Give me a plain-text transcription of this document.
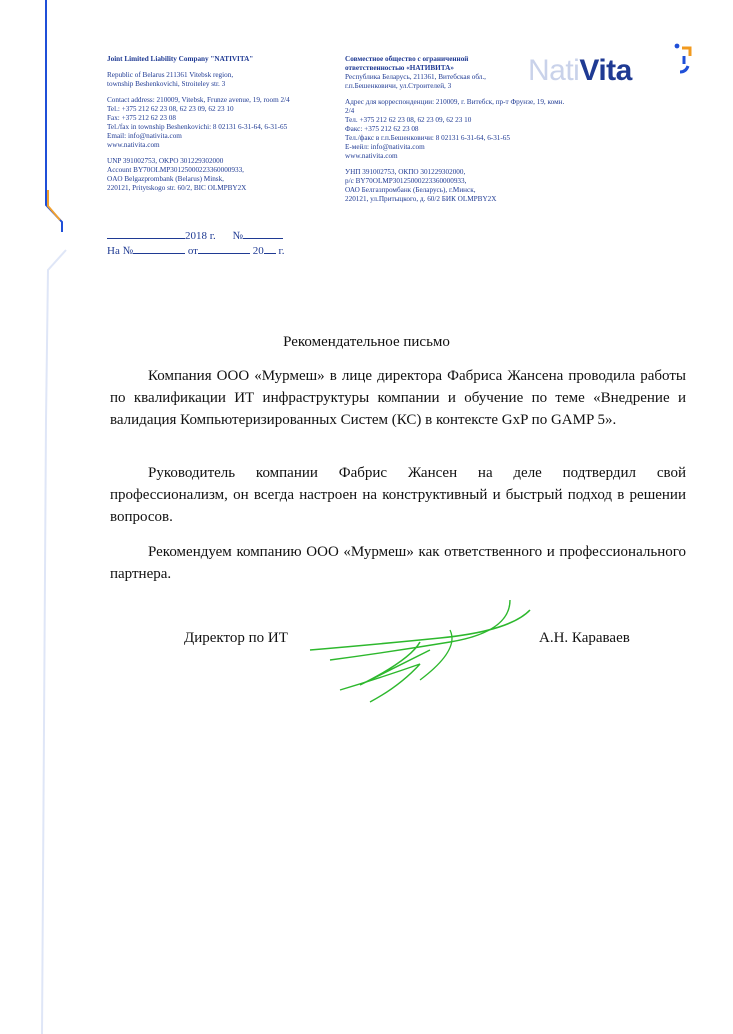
Joint Limited Liability Company "NATIVITA"
Republic of Belarus 211361 Vitebsk region,
township Beshenkovichi, Stroiteley str. 3
Contact address: 210009, Vitebsk, Frunze avenue, 19, room 2/4
Tel.: +375 212 62 23 08, 62 23 09, 62 23 10
Fax: +375 212 62 23 08
Tel./fax in township Beshenkovichi: 8 02131 6-31-64, 6-31-65
Email: info@nativita.com
www.nativita.com
UNP 391002753, OKPO 301229302000
Account BY70OLMP30125000223360000933,
OAO Belgazprombank (Belarus) Minsk,
220121, Pritytskogo str. 60/2, BIC OLMPBY2X
Совместное общество с ограниченной
ответственностью «НАТИВИТА»
Республика Беларусь, 211361, Витебская обл.,
г.п.Бешенковичи, ул.Строителей, 3
Адрес для корреспонденции: 210009, г. Витебск, пр-т Фрунзе, 19, комн. 2/4
Тел. +375 212 62 23 08, 62 23 09, 62 23 10
Факс: +375 212 62 23 08
Тел./факс в г.п.Бешенковичи: 8 02131 6-31-64, 6-31-65
E-мейл: info@nativita.com
www.nativita.com
УНП 391002753, ОКПО 301229302000,
р/с BY70OLMP30125000223360000933,
ОАО Белгазпромбанк (Беларусь), г.Минск,
220121, ул.Притыцкого, д. 60/2 БИК OLMPBY2X
NatiVita
2018 г. №
На №	от	20 г.
Рекомендательное письмо
Компания ООО «Мурмеш» в лице директора Фабриса Жансена проводила работы по квалификации ИТ инфраструктуры компании и обучение по теме «Внедрение и валидация Компьютеризированных Систем (КС) в контексте GxP по GAMP 5».
Руководитель компании Фабрис Жансен на деле подтвердил свой профессионализм, он всегда настроен на конструктивный и быстрый подход в решении вопросов.
Рекомендуем компанию ООО «Мурмеш» как ответственного и профессионального партнера.
Директор по ИТ	А.Н. Караваев
